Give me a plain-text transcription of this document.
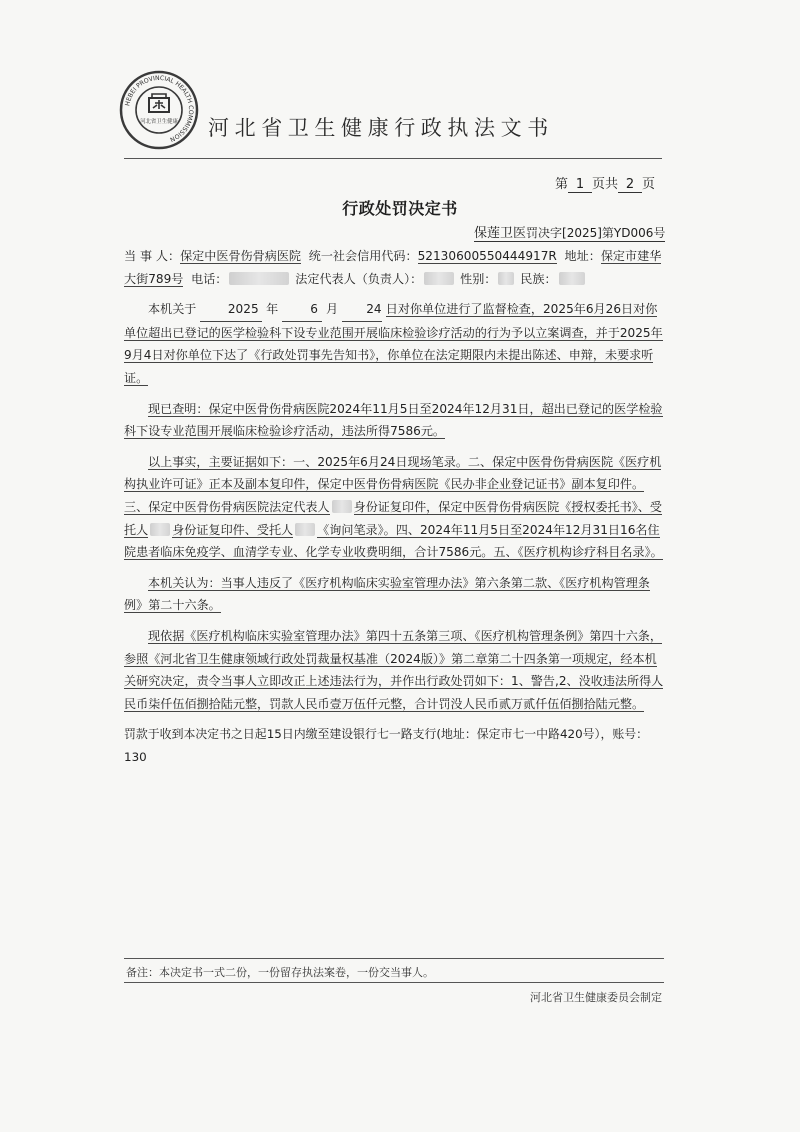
HEBEI PROVINCIAL HEALTH COMMISSION
河北省卫生健康 河北省卫生健康行政执法文书
第 1 页共 2 页
行政处罚决定书
保莲卫医罚决字[2025]第YD006号

当 事 人：保定中医骨伤骨病医院 统一社会信用代码：52130600550444917R 地址：保定市建华大街789号 电话：	法定代表人（负责人）：	性别： 民族：

本机关于	2025 年	6 月 24 日对你单位进行了监督检查，2025年6月26日对你单位超出已登记的医学检验科下设专业范围开展临床检验诊疗活动的行为予以立案调查，并于2025年9月4日对你单位下达了《行政处罚事先告知书》，你单位在法定期限内未提出陈述、申辩，未要求听证。

现已查明：保定中医骨伤骨病医院2024年11月5日至2024年12月31日，超出已登记的医学检验科下设专业范围开展临床检验诊疗活动，违法所得7586元。

以上事实，主要证据如下：一、2025年6月24日现场笔录。二、保定中医骨伤骨病医院《医疗机构执业许可证》正本及副本复印件，保定中医骨伤骨病医院《民办非企业登记证书》副本复印件。三、保定中医骨伤骨病医院法定代表人 身份证复印件，保定中医骨伤骨病医院《授权委托书》、受托人 身份证复印件、受托人 《询问笔录》。四、2024年11月5日至2024年12月31日16名住院患者临床免疫学、血清学专业、化学专业收费明细，合计7586元。五、《医疗机构诊疗科目名录》。

本机关认为：当事人违反了《医疗机构临床实验室管理办法》第六条第二款、《医疗机构管理条例》第二十六条。

现依据《医疗机构临床实验室管理办法》第四十五条第三项、《医疗机构管理条例》第四十六条，参照《河北省卫生健康领域行政处罚裁量权基准（2024版）》第二章第二十四条第一项规定，经本机关研究决定，责令当事人立即改正上述违法行为，并作出行政处罚如下：1、警告,2、没收违法所得人民币柒仟伍佰捌拾陆元整，罚款人民币壹万伍仟元整，合计罚没人民币贰万贰仟伍佰捌拾陆元整。

罚款于收到本决定书之日起15日内缴至建设银行七一路支行(地址：保定市七一中路420号），账号：130

备注：本决定书一式二份，一份留存执法案卷，一份交当事人。
河北省卫生健康委员会制定
